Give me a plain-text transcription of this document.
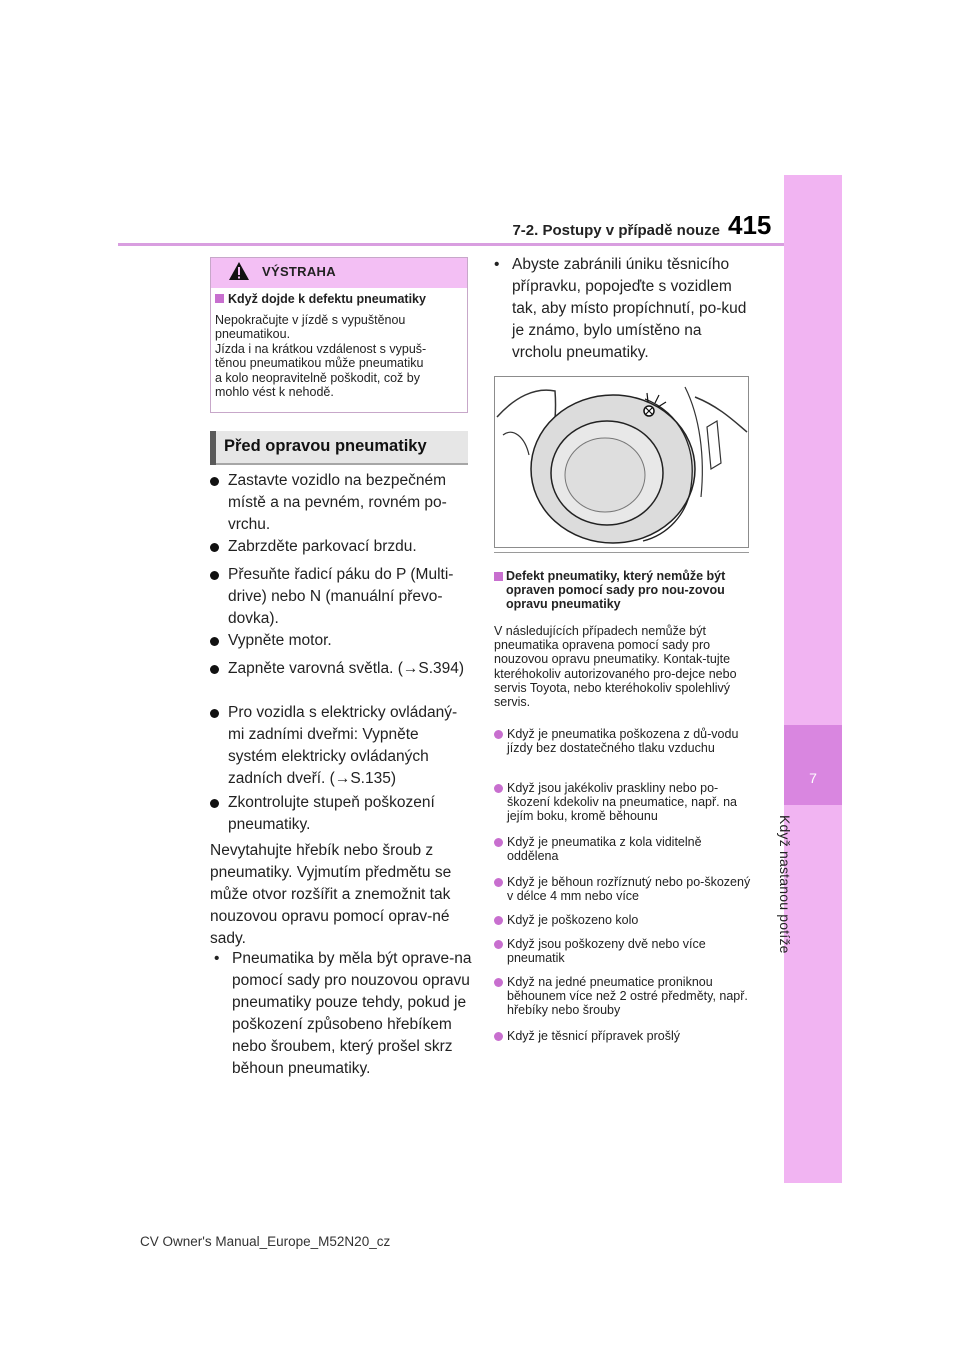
7-2. Postupy v případě nouze 415
7
Když nastanou potíže
VÝSTRAHA
Když dojde k defektu pneumatiky
Nepokračujte v jízdě s vypuštěnou
pneumatikou.
Jízda i na krátkou vzdálenost s vypuš-
těnou pneumatikou může pneumatiku
a kolo neopravitelně poškodit, což by
mohlo vést k nehodě.
Před opravou pneumatiky
Zastavte vozidlo na bezpečném místě a na pevném, rovném po-vrchu.
Zabrzděte parkovací brzdu.
Přesuňte řadicí páku do P (Multi-drive) nebo N (manuální převo-dovka).
Vypněte motor.
Zapněte varovná světla. (→S.394)
Pro vozidla s elektricky ovládaný-mi zadními dveřmi: Vypněte systém elektricky ovládaných zadních dveří. (→S.135)
Zkontrolujte stupeň poškození pneumatiky.
Nevytahujte hřebík nebo šroub z pneumatiky. Vyjmutím předmětu se může otvor rozšířit a znemožnit tak nouzovou opravu pomocí oprav-né sady.
• Pneumatika by měla být oprave-na pomocí sady pro nouzovou opravu pneumatiky pouze tehdy, pokud je poškození způsobeno hřebíkem nebo šroubem, který prošel skrz běhoun pneumatiky.
• Abyste zabránili úniku těsnicího přípravku, popojeďte s vozidlem tak, aby místo propíchnutí, po-kud je známo, bylo umístěno na vrcholu pneumatiky.
Defekt pneumatiky, který nemůže být opraven pomocí sady pro nou-zovou opravu pneumatiky
V následujících případech nemůže být pneumatika opravena pomocí sady pro nouzovou opravu pneumatiky. Kontak-tujte kteréhokoliv autorizovaného pro-dejce nebo servis Toyota, nebo kteréhokoliv spolehlivý servis.
Když je pneumatika poškozena z dů-vodu jízdy bez dostatečného tlaku vzduchu
Když jsou jakékoliv praskliny nebo po-škození kdekoliv na pneumatice, např. na jejím boku, kromě běhounu
Když je pneumatika z kola viditelně oddělena
Když je běhoun rozříznutý nebo po-škozený v délce 4 mm nebo více
Když je poškozeno kolo
Když jsou poškozeny dvě nebo více pneumatik
Když na jedné pneumatice proniknou běhounem více než 2 ostré předměty, např. hřebíky nebo šrouby
Když je těsnicí přípravek prošlý
CV Owner's Manual_Europe_M52N20_cz
